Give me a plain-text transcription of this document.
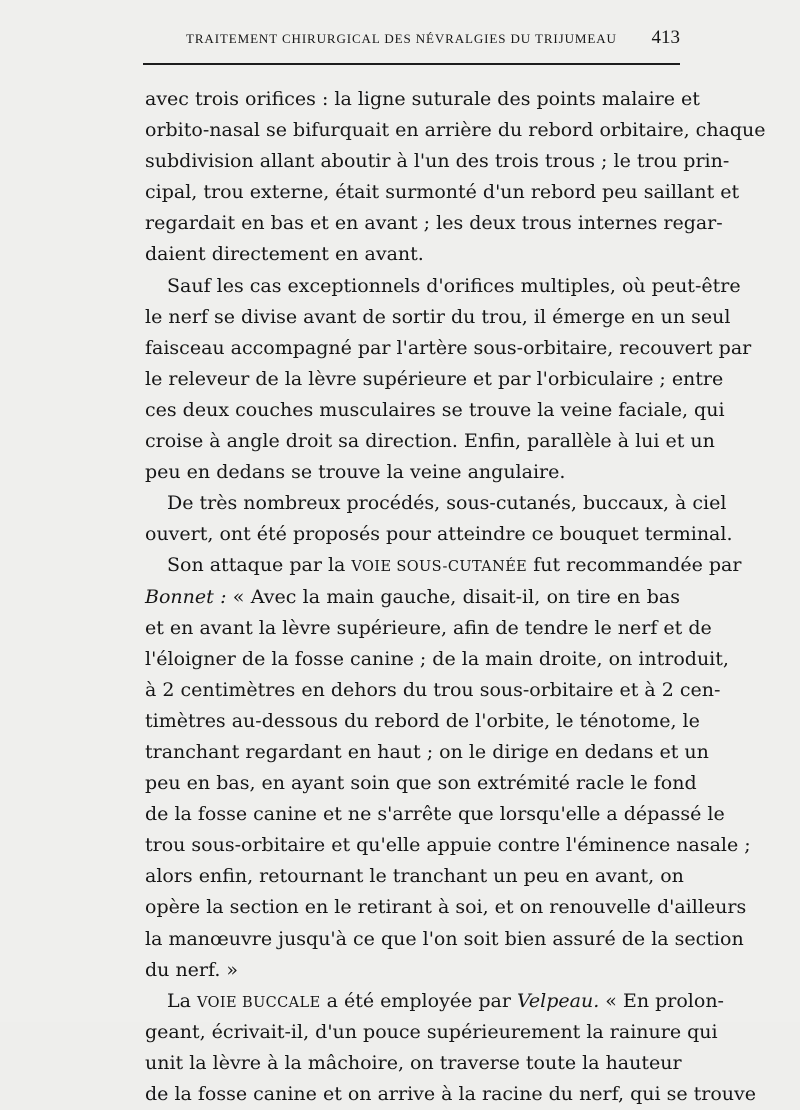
TRAITEMENT CHIRURGICAL DES NÉVRALGIES DU TRIJUMEAU 413
avec trois orifices : la ligne suturale des points malaire et
orbito-nasal se bifurquait en arrière du rebord orbitaire, chaque
subdivision allant aboutir à l'un des trois trous ; le trou prin-
cipal, trou externe, était surmonté d'un rebord peu saillant et
regardait en bas et en avant ; les deux trous internes regar-
daient directement en avant.
Sauf les cas exceptionnels d'orifices multiples, où peut-être
le nerf se divise avant de sortir du trou, il émerge en un seul
faisceau accompagné par l'artère sous-orbitaire, recouvert par
le releveur de la lèvre supérieure et par l'orbiculaire ; entre
ces deux couches musculaires se trouve la veine faciale, qui
croise à angle droit sa direction. Enfin, parallèle à lui et un
peu en dedans se trouve la veine angulaire.
De très nombreux procédés, sous-cutanés, buccaux, à ciel
ouvert, ont été proposés pour atteindre ce bouquet terminal.
Son attaque par la VOIE SOUS-CUTANÉE fut recommandée par
Bonnet : « Avec la main gauche, disait-il, on tire en bas
et en avant la lèvre supérieure, afin de tendre le nerf et de
l'éloigner de la fosse canine ; de la main droite, on introduit,
à 2 centimètres en dehors du trou sous-orbitaire et à 2 cen-
timètres au-dessous du rebord de l'orbite, le ténotome, le
tranchant regardant en haut ; on le dirige en dedans et un
peu en bas, en ayant soin que son extrémité racle le fond
de la fosse canine et ne s'arrête que lorsqu'elle a dépassé le
trou sous-orbitaire et qu'elle appuie contre l'éminence nasale ;
alors enfin, retournant le tranchant un peu en avant, on
opère la section en le retirant à soi, et on renouvelle d'ailleurs
la manœuvre jusqu'à ce que l'on soit bien assuré de la section
du nerf. »
La VOIE BUCCALE a été employée par Velpeau. « En prolon-
geant, écrivait-il, d'un pouce supérieurement la rainure qui
unit la lèvre à la mâchoire, on traverse toute la hauteur
de la fosse canine et on arrive à la racine du nerf, qui se trouve
